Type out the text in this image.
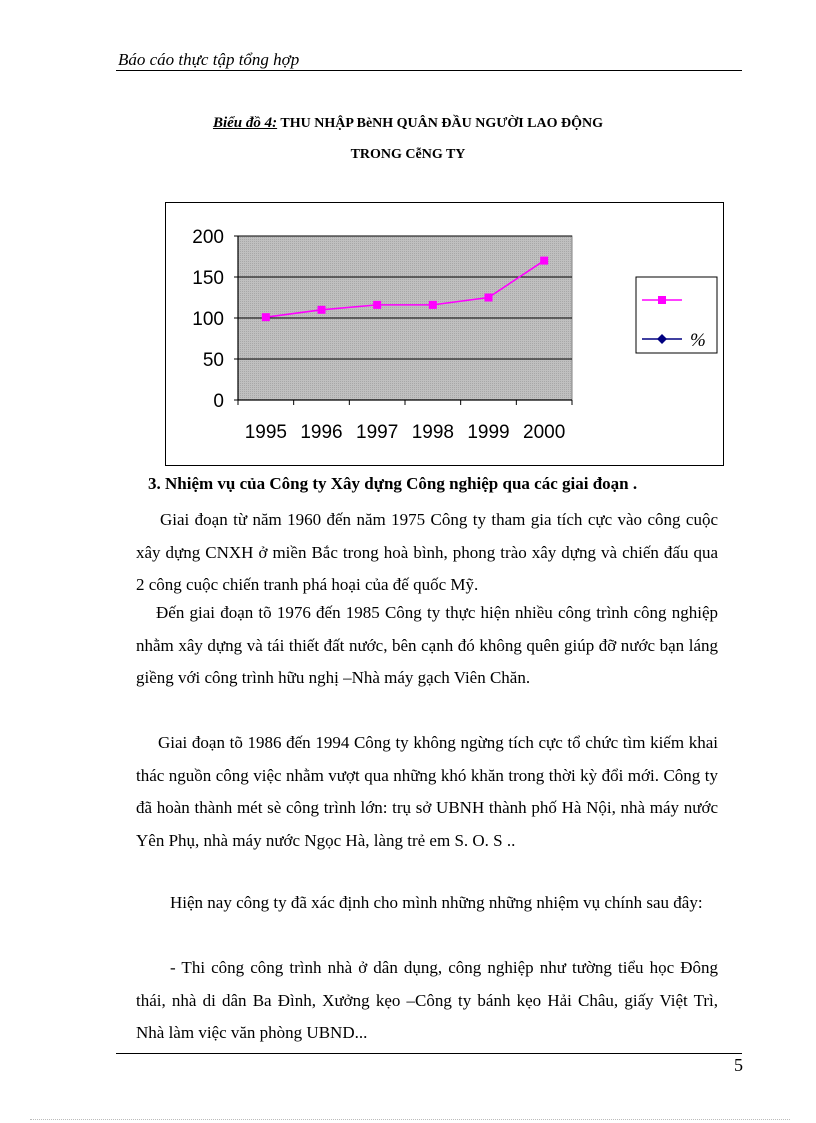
Báo cáo thực tập tổng hợp
Biểu đồ 4: THU NHẬP BèNH QUÂN ĐẦU NGƯỜI LAO ĐỘNG
TRONG CễNG TY
0
50
100
150
200
1995 1996 1997 1998 1999 2000
%
3. Nhiệm vụ của Công ty Xây dựng Công nghiệp qua các giai đoạn .

Giai đoạn từ năm 1960 đến năm 1975 Công ty tham gia tích cực vào công cuộc xây dựng CNXH ở miền Bắc trong hoà bình, phong trào xây dựng và chiến đấu qua 2 công cuộc chiến tranh phá hoại của đế quốc Mỹ.

Đến giai đoạn tõ 1976 đến 1985 Công ty thực hiện nhiều công trình công nghiệp nhằm xây dựng và tái thiết đất nước, bên cạnh đó không quên giúp đỡ nước bạn láng giềng với công trình hữu nghị –Nhà máy gạch Viên Chăn.

Giai đoạn tõ 1986 đến 1994 Công ty không ngừng tích cực tổ chức tìm kiếm khai thác nguồn công việc nhằm vượt qua những khó khăn trong thời kỳ đổi mới. Công ty đã hoàn thành mét sè công trình lớn: trụ sở UBNH thành phố Hà Nội, nhà máy nước Yên Phụ, nhà máy nước Ngọc Hà, làng trẻ em S. O. S ..

Hiện nay công ty đã xác định cho mình những những nhiệm vụ chính sau đây:

- Thi công công trình nhà ở dân dụng, công nghiệp như tường tiểu học Đông thái, nhà di dân Ba Đình, Xưởng kẹo –Công ty bánh kẹo Hải Châu, giấy Việt Trì, Nhà làm việc văn phòng UBND...

5
